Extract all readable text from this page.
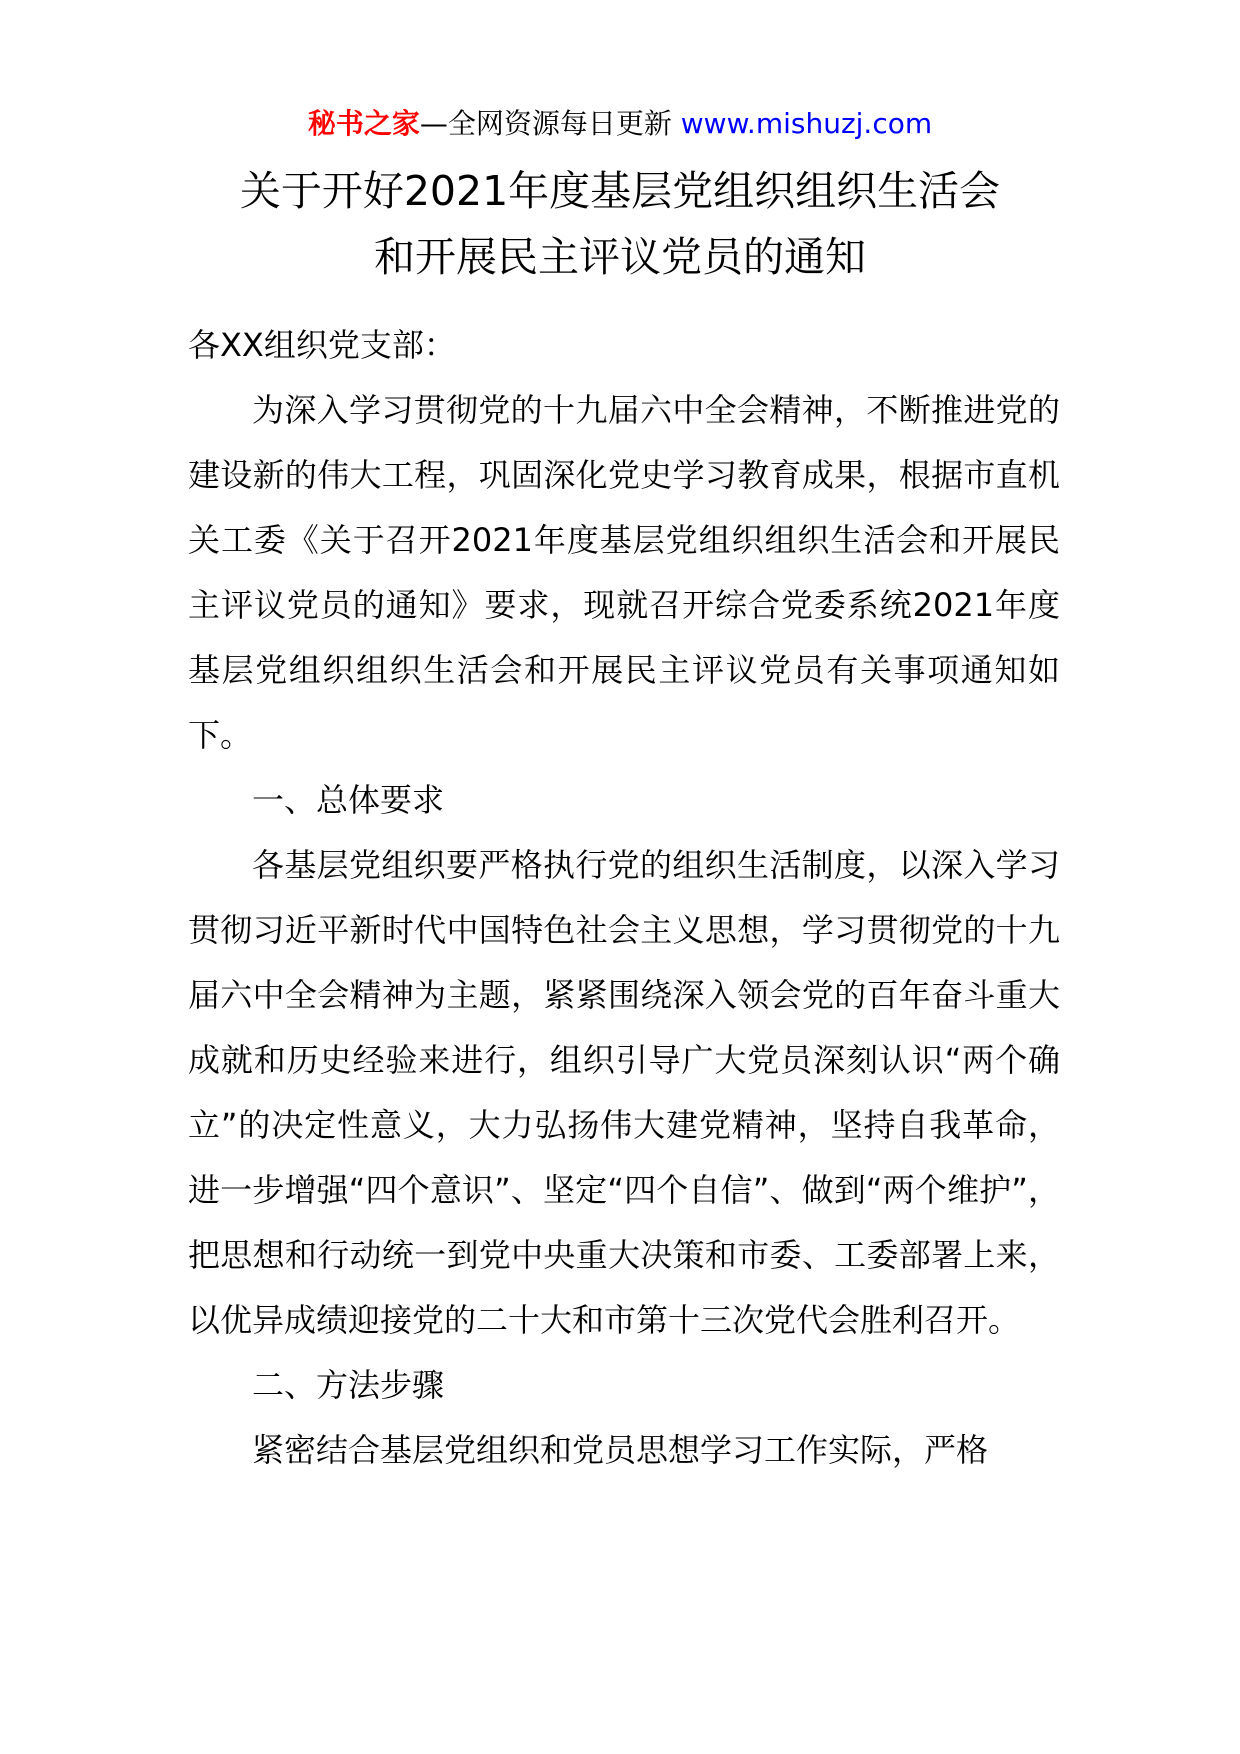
秘书之家—全网资源每日更新 www.mishuzj.com
关于开好2021年度基层党组织组织生活会
和开展民主评议党员的通知

各XX组织党支部：

为深入学习贯彻党的十九届六中全会精神，不断推进党的建设新的伟大工程，巩固深化党史学习教育成果，根据市直机关工委《关于召开2021年度基层党组织组织生活会和开展民主评议党员的通知》要求，现就召开综合党委系统2021年度基层党组织组织生活会和开展民主评议党员有关事项通知如下。

一、总体要求

各基层党组织要严格执行党的组织生活制度，以深入学习贯彻习近平新时代中国特色社会主义思想，学习贯彻党的十九届六中全会精神为主题，紧紧围绕深入领会党的百年奋斗重大成就和历史经验来进行，组织引导广大党员深刻认识“两个确立”的决定性意义，大力弘扬伟大建党精神，坚持自我革命，进一步增强“四个意识”、坚定“四个自信”、做到“两个维护”，把思想和行动统一到党中央重大决策和市委、工委部署上来，以优异成绩迎接党的二十大和市第十三次党代会胜利召开。

二、方法步骤

紧密结合基层党组织和党员思想学习工作实际，严格
